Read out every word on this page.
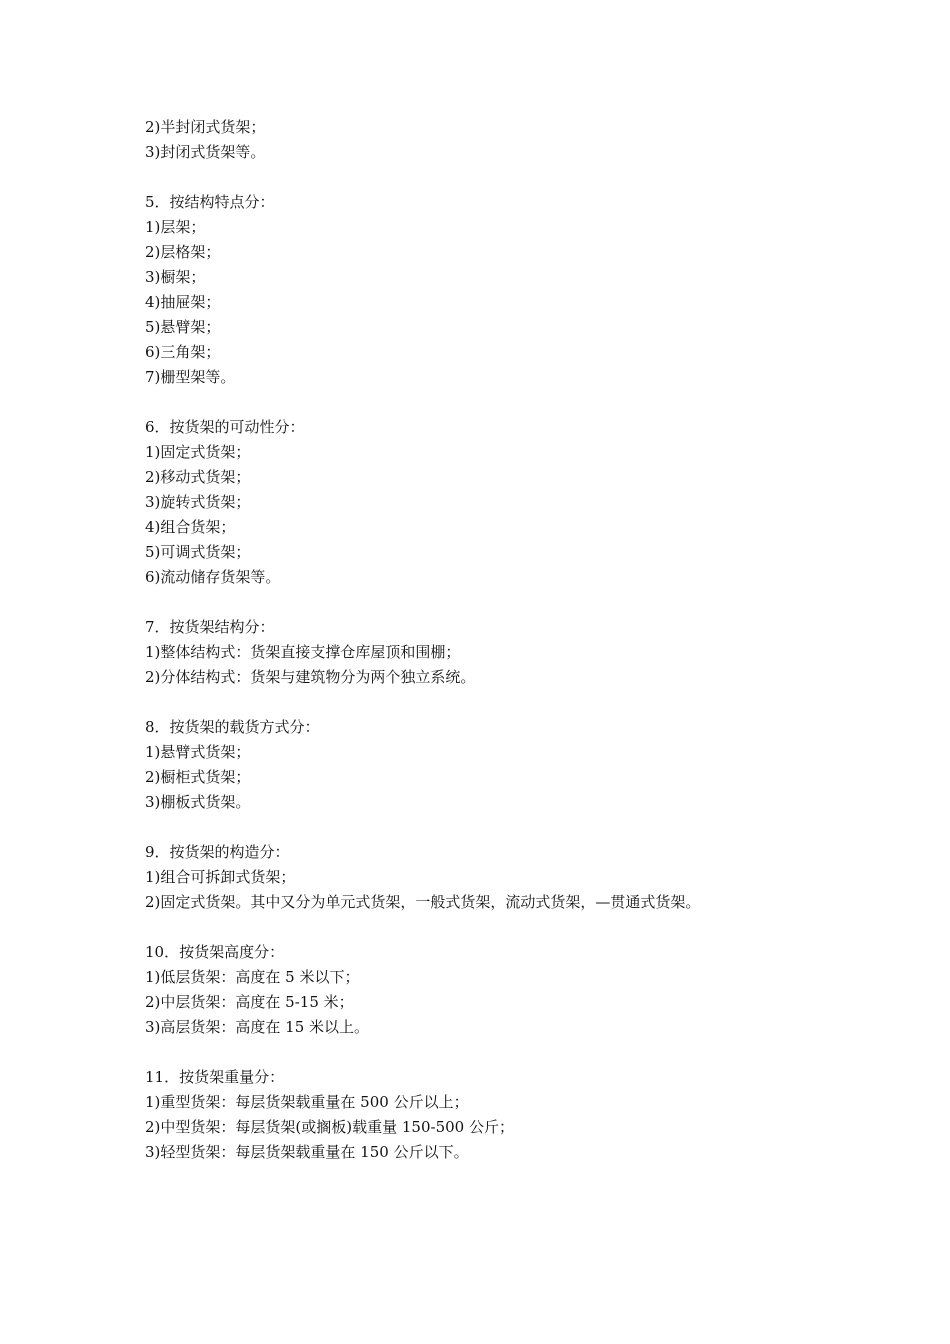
2)半封闭式货架；
3)封闭式货架等。
5．按结构特点分：
1)层架；
2)层格架；
3)橱架；
4)抽屉架；
5)悬臂架；
6)三角架；
7)栅型架等。
6．按货架的可动性分：
1)固定式货架；
2)移动式货架；
3)旋转式货架；
4)组合货架；
5)可调式货架；
6)流动储存货架等。
7．按货架结构分：
1)整体结构式：货架直接支撑仓库屋顶和围棚；
2)分体结构式：货架与建筑物分为两个独立系统。
8．按货架的载货方式分：
1)悬臂式货架；
2)橱柜式货架；
3)棚板式货架。
9．按货架的构造分：
1)组合可拆卸式货架；
2)固定式货架。其中又分为单元式货架，一般式货架，流动式货架，—贯通式货架。
10．按货架高度分：
1)低层货架：高度在 5 米以下；
2)中层货架：高度在 5-15 米；
3)高层货架：高度在 15 米以上。
11．按货架重量分：
1)重型货架：每层货架载重量在 500 公斤以上；
2)中型货架：每层货架(或搁板)载重量 150-500 公斤；
3)轻型货架：每层货架载重量在 150 公斤以下。
